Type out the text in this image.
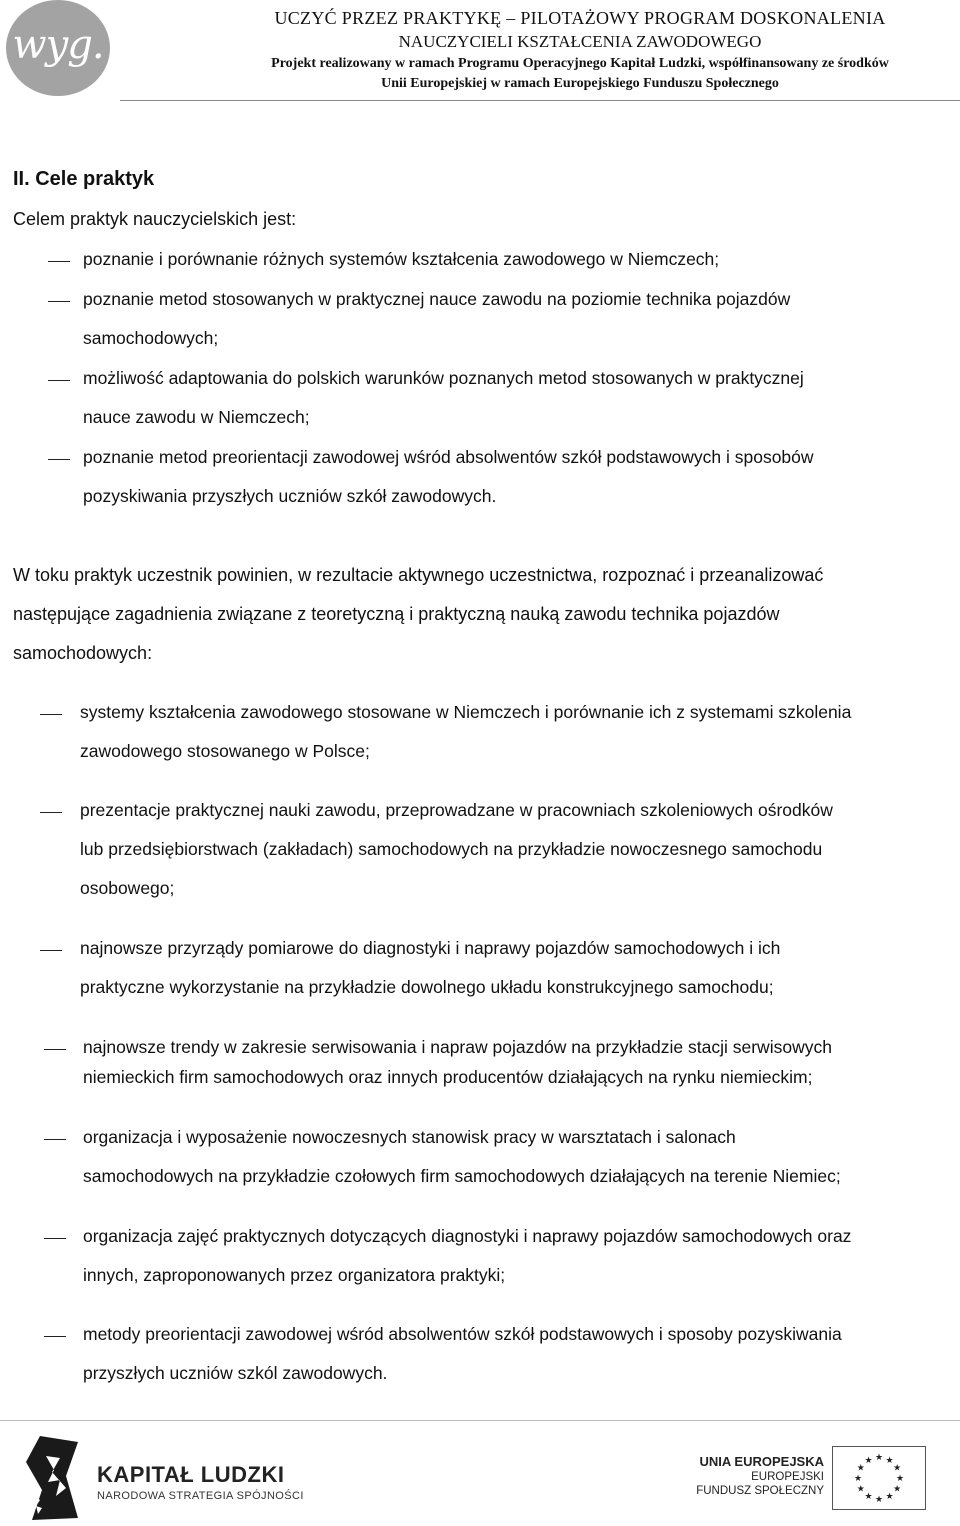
wyg.
UCZYĆ PRZEZ PRAKTYKĘ – PILOTAŻOWY PROGRAM DOSKONALENIA
NAUCZYCIELI KSZTAŁCENIA ZAWODOWEGO
Projekt realizowany w ramach Programu Operacyjnego Kapitał Ludzki, współfinansowany ze środków
Unii Europejskiej w ramach Europejskiego Funduszu Społecznego
II. Cele praktyk
Celem praktyk nauczycielskich jest:
poznanie i porównanie różnych systemów kształcenia zawodowego w Niemczech;
poznanie metod stosowanych w praktycznej nauce zawodu na poziomie technika pojazdów
samochodowych;
możliwość adaptowania do polskich warunków poznanych metod stosowanych w praktycznej
nauce zawodu w Niemczech;
poznanie metod preorientacji zawodowej wśród absolwentów szkół podstawowych i sposobów
pozyskiwania przyszłych uczniów szkół zawodowych.
W toku praktyk uczestnik powinien, w rezultacie aktywnego uczestnictwa, rozpoznać i przeanalizować
następujące zagadnienia związane z teoretyczną i praktyczną nauką zawodu technika pojazdów
samochodowych:
systemy kształcenia zawodowego stosowane w Niemczech i porównanie ich z systemami szkolenia
zawodowego stosowanego w Polsce;
prezentacje praktycznej nauki zawodu, przeprowadzane w pracowniach szkoleniowych ośrodków
lub przedsiębiorstwach (zakładach) samochodowych na przykładzie nowoczesnego samochodu
osobowego;
najnowsze przyrządy pomiarowe do diagnostyki i naprawy pojazdów samochodowych i ich
praktyczne wykorzystanie na przykładzie dowolnego układu konstrukcyjnego samochodu;
najnowsze trendy w zakresie serwisowania i napraw pojazdów na przykładzie stacji serwisowych
niemieckich firm samochodowych oraz innych producentów działających na rynku niemieckim;
organizacja i wyposażenie nowoczesnych stanowisk pracy w warsztatach i salonach
samochodowych na przykładzie czołowych firm samochodowych działających na terenie Niemiec;
organizacja zajęć praktycznych dotyczących diagnostyki i naprawy pojazdów samochodowych oraz
innych, zaproponowanych przez organizatora praktyki;
metody preorientacji zawodowej wśród absolwentów szkół podstawowych i sposoby pozyskiwania
przyszłych uczniów szkól zawodowych.
KAPITAŁ LUDZKI
NARODOWA STRATEGIA SPÓJNOŚCI
UNIA EUROPEJSKA
EUROPEJSKI
FUNDUSZ SPOŁECZNY
★ ★
★
★
★
★
★
★
★
★
★
★
